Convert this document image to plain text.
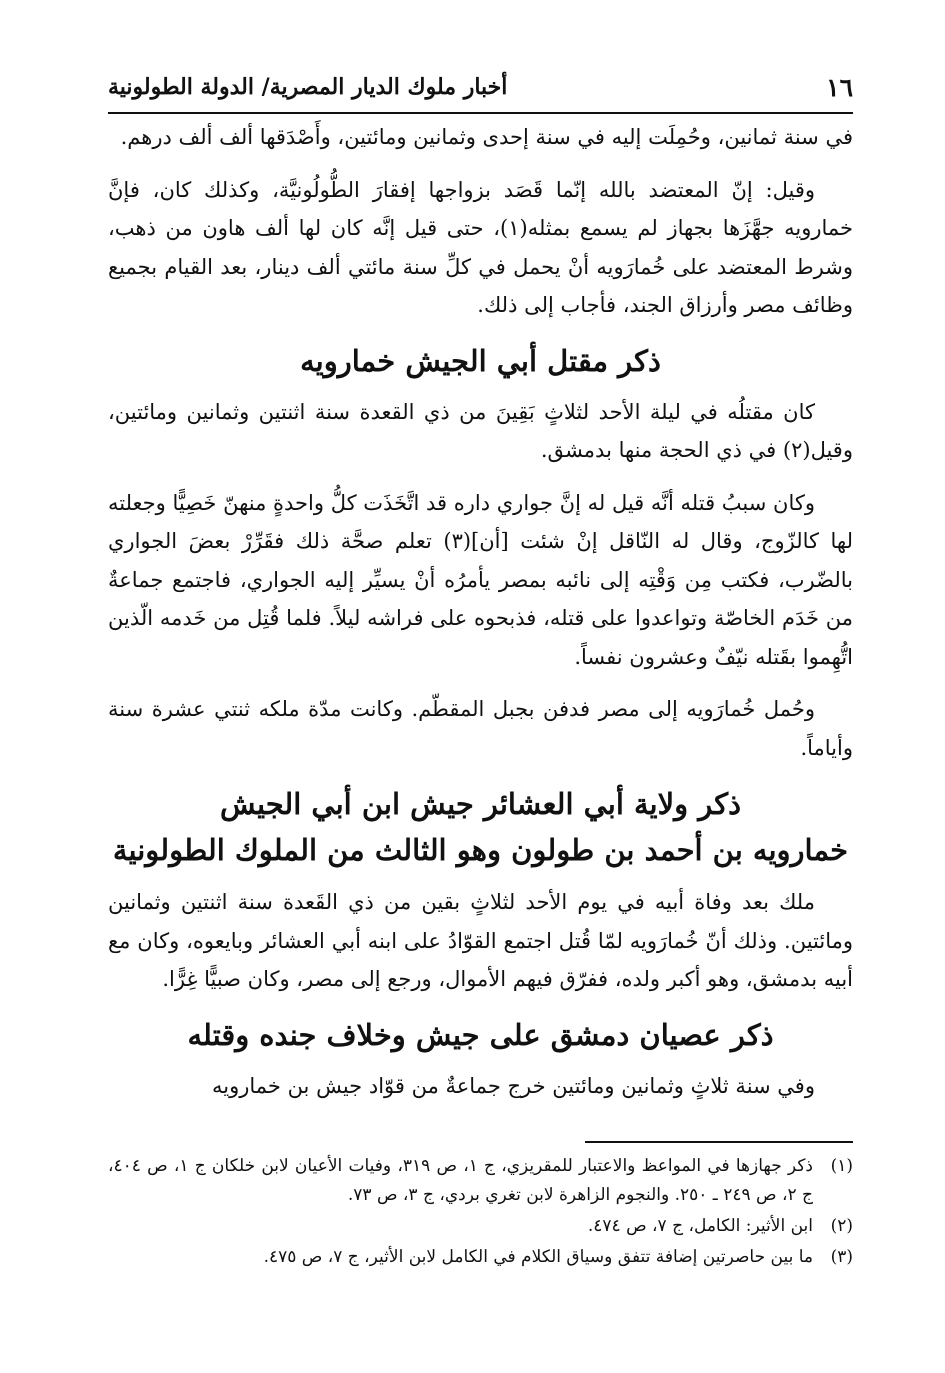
١٦
أخبار ملوك الديار المصرية/ الدولة الطولونية

في سنة ثمانين، وحُمِلَت إليه في سنة إحدى وثمانين ومائتين، وأَصْدَقها ألف ألف درهم.

وقيل: إنّ المعتضد بالله إنّما قَصَد بزواجها إفقارَ الطُّولُونيَّة، وكذلك كان، فإنَّ خمارويه جهَّزَها بجهاز لم يسمع بمثله(١)، حتى قيل إنَّه كان لها ألف هاون من ذهب، وشرط المعتضد على خُمارَويه أنْ يحمل في كلِّ سنة مائتي ألف دينار، بعد القيام بجميع وظائف مصر وأرزاق الجند، فأجاب إلى ذلك.

ذكر مقتل أبي الجيش خمارويه

كان مقتلُه في ليلة الأحد لثلاثٍ بَقِينَ من ذي القعدة سنة اثنتين وثمانين ومائتين، وقيل(٢) في ذي الحجة منها بدمشق.

وكان سببُ قتله أنَّه قيل له إنَّ جواري داره قد اتَّخَذَت كلُّ واحدةٍ منهنّ خَصِيًّا وجعلته لها كالزّوج، وقال له النّاقل إنْ شئت [أن](٣) تعلم صحَّة ذلك فقَرِّرْ بعضَ الجواري بالضّرب، فكتب مِن وَقْتِه إلى نائبه بمصر يأمرُه أنْ يسيِّر إليه الجواري، فاجتمع جماعةٌ من خَدَم الخاصّة وتواعدوا على قتله، فذبحوه على فراشه ليلاً. فلما قُتِل من خَدمه الّذين اتُّهِموا بقَتله نيّفٌ وعشرون نفساً.

وحُمل خُمارَويه إلى مصر فدفن بجبل المقطّم. وكانت مدّة ملكه ثنتي عشرة سنة وأياماً.

ذكر ولاية أبي العشائر جيش ابن أبي الجيش
خمارويه بن أحمد بن طولون وهو الثالث من الملوك الطولونية

ملك بعد وفاة أبيه في يوم الأحد لثلاثٍ بقين من ذي القَعدة سنة اثنتين وثمانين ومائتين. وذلك أنّ خُمارَويه لمّا قُتل اجتمع القوّادُ على ابنه أبي العشائر وبايعوه، وكان مع أبيه بدمشق، وهو أكبر ولده، ففرّق فيهم الأموال، ورجع إلى مصر، وكان صبيًّا غِرًّا.

ذكر عصيان دمشق على جيش وخلاف جنده وقتله

وفي سنة ثلاثٍ وثمانين ومائتين خرج جماعةٌ من قوّاد جيش بن خمارويه

(١)
ذكر جهازها في المواعظ والاعتبار للمقريزي، ج ١، ص ٣١٩، وفيات الأعيان لابن خلكان ج ١، ص ٤٠٤، ج ٢، ص ٢٤٩ ـ ٢٥٠. والنجوم الزاهرة لابن تغري بردي، ج ٣، ص ٧٣.
(٢)
ابن الأثير: الكامل، ج ٧، ص ٤٧٤.
(٣)
ما بين حاصرتين إضافة تتفق وسياق الكلام في الكامل لابن الأثير، ج ٧، ص ٤٧٥.
